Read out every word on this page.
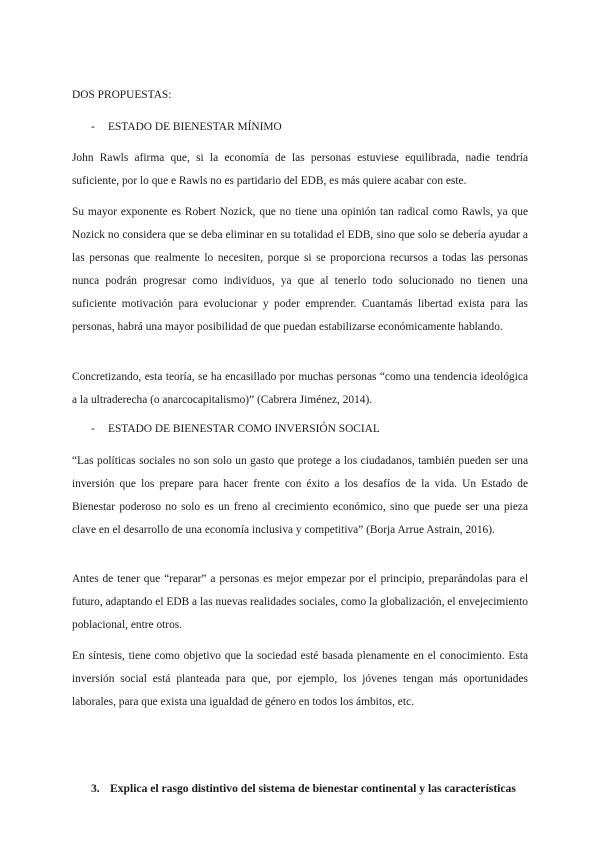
DOS PROPUESTAS:

- ESTADO DE BIENESTAR MÍNIMO

John Rawls afirma que, si la economía de las personas estuviese equilibrada, nadie tendría suficiente, por lo que e Rawls no es partidario del EDB, es más quiere acabar con este.

Su mayor exponente es Robert Nozick, que no tiene una opinión tan radical como Rawls, ya que Nozick no considera que se deba eliminar en su totalidad el EDB, sino que solo se debería ayudar a las personas que realmente lo necesiten, porque si se proporciona recursos a todas las personas nunca podrán progresar como individuos, ya que al tenerlo todo solucionado no tienen una suficiente motivación para evolucionar y poder emprender. Cuantamás libertad exista para las personas, habrá una mayor posibilidad de que puedan estabilizarse económicamente hablando.

Concretizando, esta teoría, se ha encasillado por muchas personas “como una tendencia ideológica a la ultraderecha (o anarcocapitalismo)” (Cabrera Jiménez, 2014).

- ESTADO DE BIENESTAR COMO INVERSIÓN SOCIAL

“Las políticas sociales no son solo un gasto que protege a los ciudadanos, también pueden ser una inversión que los prepare para hacer frente con éxito a los desafíos de la vida. Un Estado de Bienestar poderoso no solo es un freno al crecimiento económico, sino que puede ser una pieza clave en el desarrollo de una economía inclusiva y competitiva” (Borja Arrue Astrain, 2016).

Antes de tener que “reparar” a personas es mejor empezar por el principio, preparándolas para el futuro, adaptando el EDB a las nuevas realidades sociales, como la globalización, el envejecimiento poblacional, entre otros.

En síntesis, tiene como objetivo que la sociedad esté basada plenamente en el conocimiento. Esta inversión social está planteada para que, por ejemplo, los jóvenes tengan más oportunidades laborales, para que exista una igualdad de género en todos los ámbitos, etc.

3. Explica el rasgo distintivo del sistema de bienestar continental y las características
